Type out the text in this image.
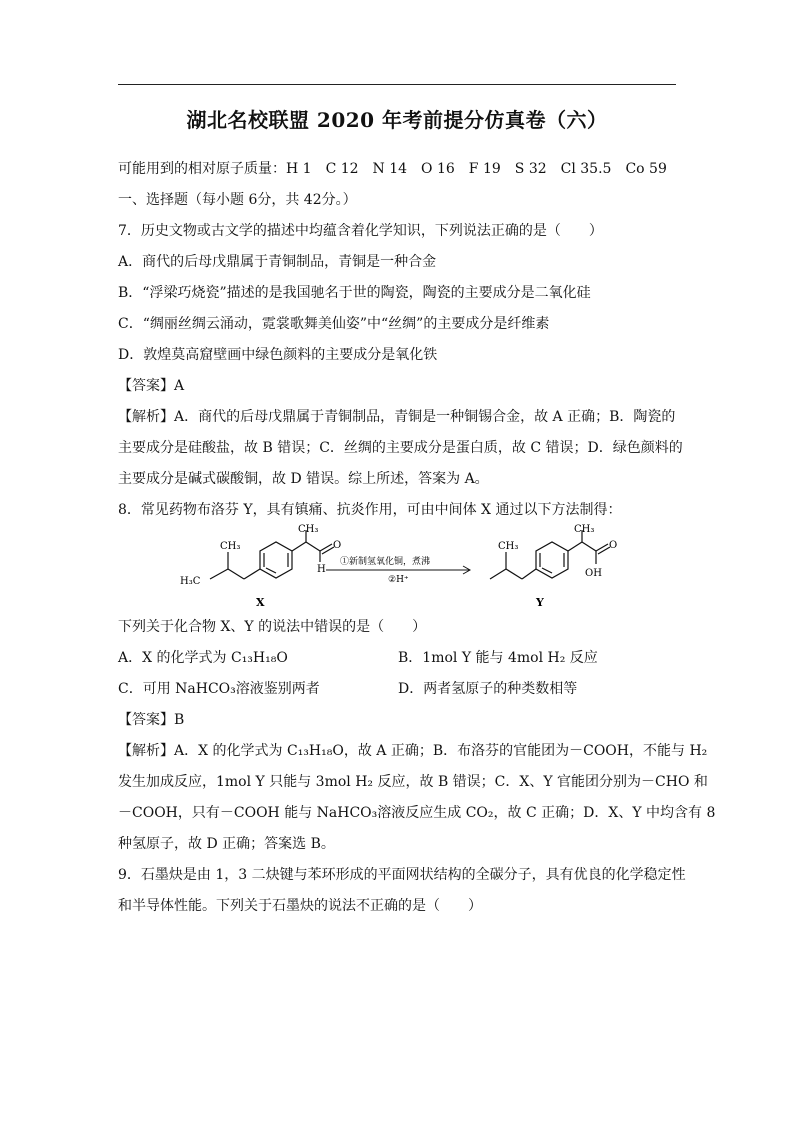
湖北名校联盟 2020 年考前提分仿真卷（六）
可能用到的相对原子质量：H 1　C 12　N 14　O 16　F 19　S 32　Cl 35.5　Co 59
一、选择题（每小题 6分，共 42分。）
7．历史文物或古文学的描述中均蕴含着化学知识，下列说法正确的是（　　）
A．商代的后母戊鼎属于青铜制品，青铜是一种合金
B．“浮梁巧烧瓷”描述的是我国驰名于世的陶瓷，陶瓷的主要成分是二氧化硅
C．“绸丽丝绸云涌动，霓裳歌舞美仙姿”中“丝绸”的主要成分是纤维素
D．敦煌莫高窟壁画中绿色颜料的主要成分是氧化铁
【答案】A
【解析】A．商代的后母戊鼎属于青铜制品，青铜是一种铜锡合金，故 A 正确；B．陶瓷的
主要成分是硅酸盐，故 B 错误；C．丝绸的主要成分是蛋白质，故 C 错误；D．绿色颜料的
主要成分是碱式碳酸铜，故 D 错误。综上所述，答案为 A。
8．常见药物布洛芬 Y，具有镇痛、抗炎作用，可由中间体 X 通过以下方法制得：
CH₃
H₃C
CH₃
O
H
X
①新制氢氧化铜，煮沸
②H⁺
CH₃
CH₃
O
OH
Y
下列关于化合物 X、Y 的说法中错误的是（　　）
A．X 的化学式为 C₁₃H₁₈O	B．1mol Y 能与 4mol H₂ 反应
C．可用 NaHCO₃溶液鉴别两者	D．两者氢原子的种类数相等
【答案】B
【解析】A．X 的化学式为 C₁₃H₁₈O，故 A 正确；B．布洛芬的官能团为－COOH，不能与 H₂
发生加成反应，1mol Y 只能与 3mol H₂ 反应，故 B 错误；C．X、Y 官能团分别为－CHO 和
－COOH，只有－COOH 能与 NaHCO₃溶液反应生成 CO₂，故 C 正确；D．X、Y 中均含有 8
种氢原子，故 D 正确；答案选 B。
9．石墨炔是由 1，3 二炔键与苯环形成的平面网状结构的全碳分子，具有优良的化学稳定性
和半导体性能。下列关于石墨炔的说法不正确的是（　　）
